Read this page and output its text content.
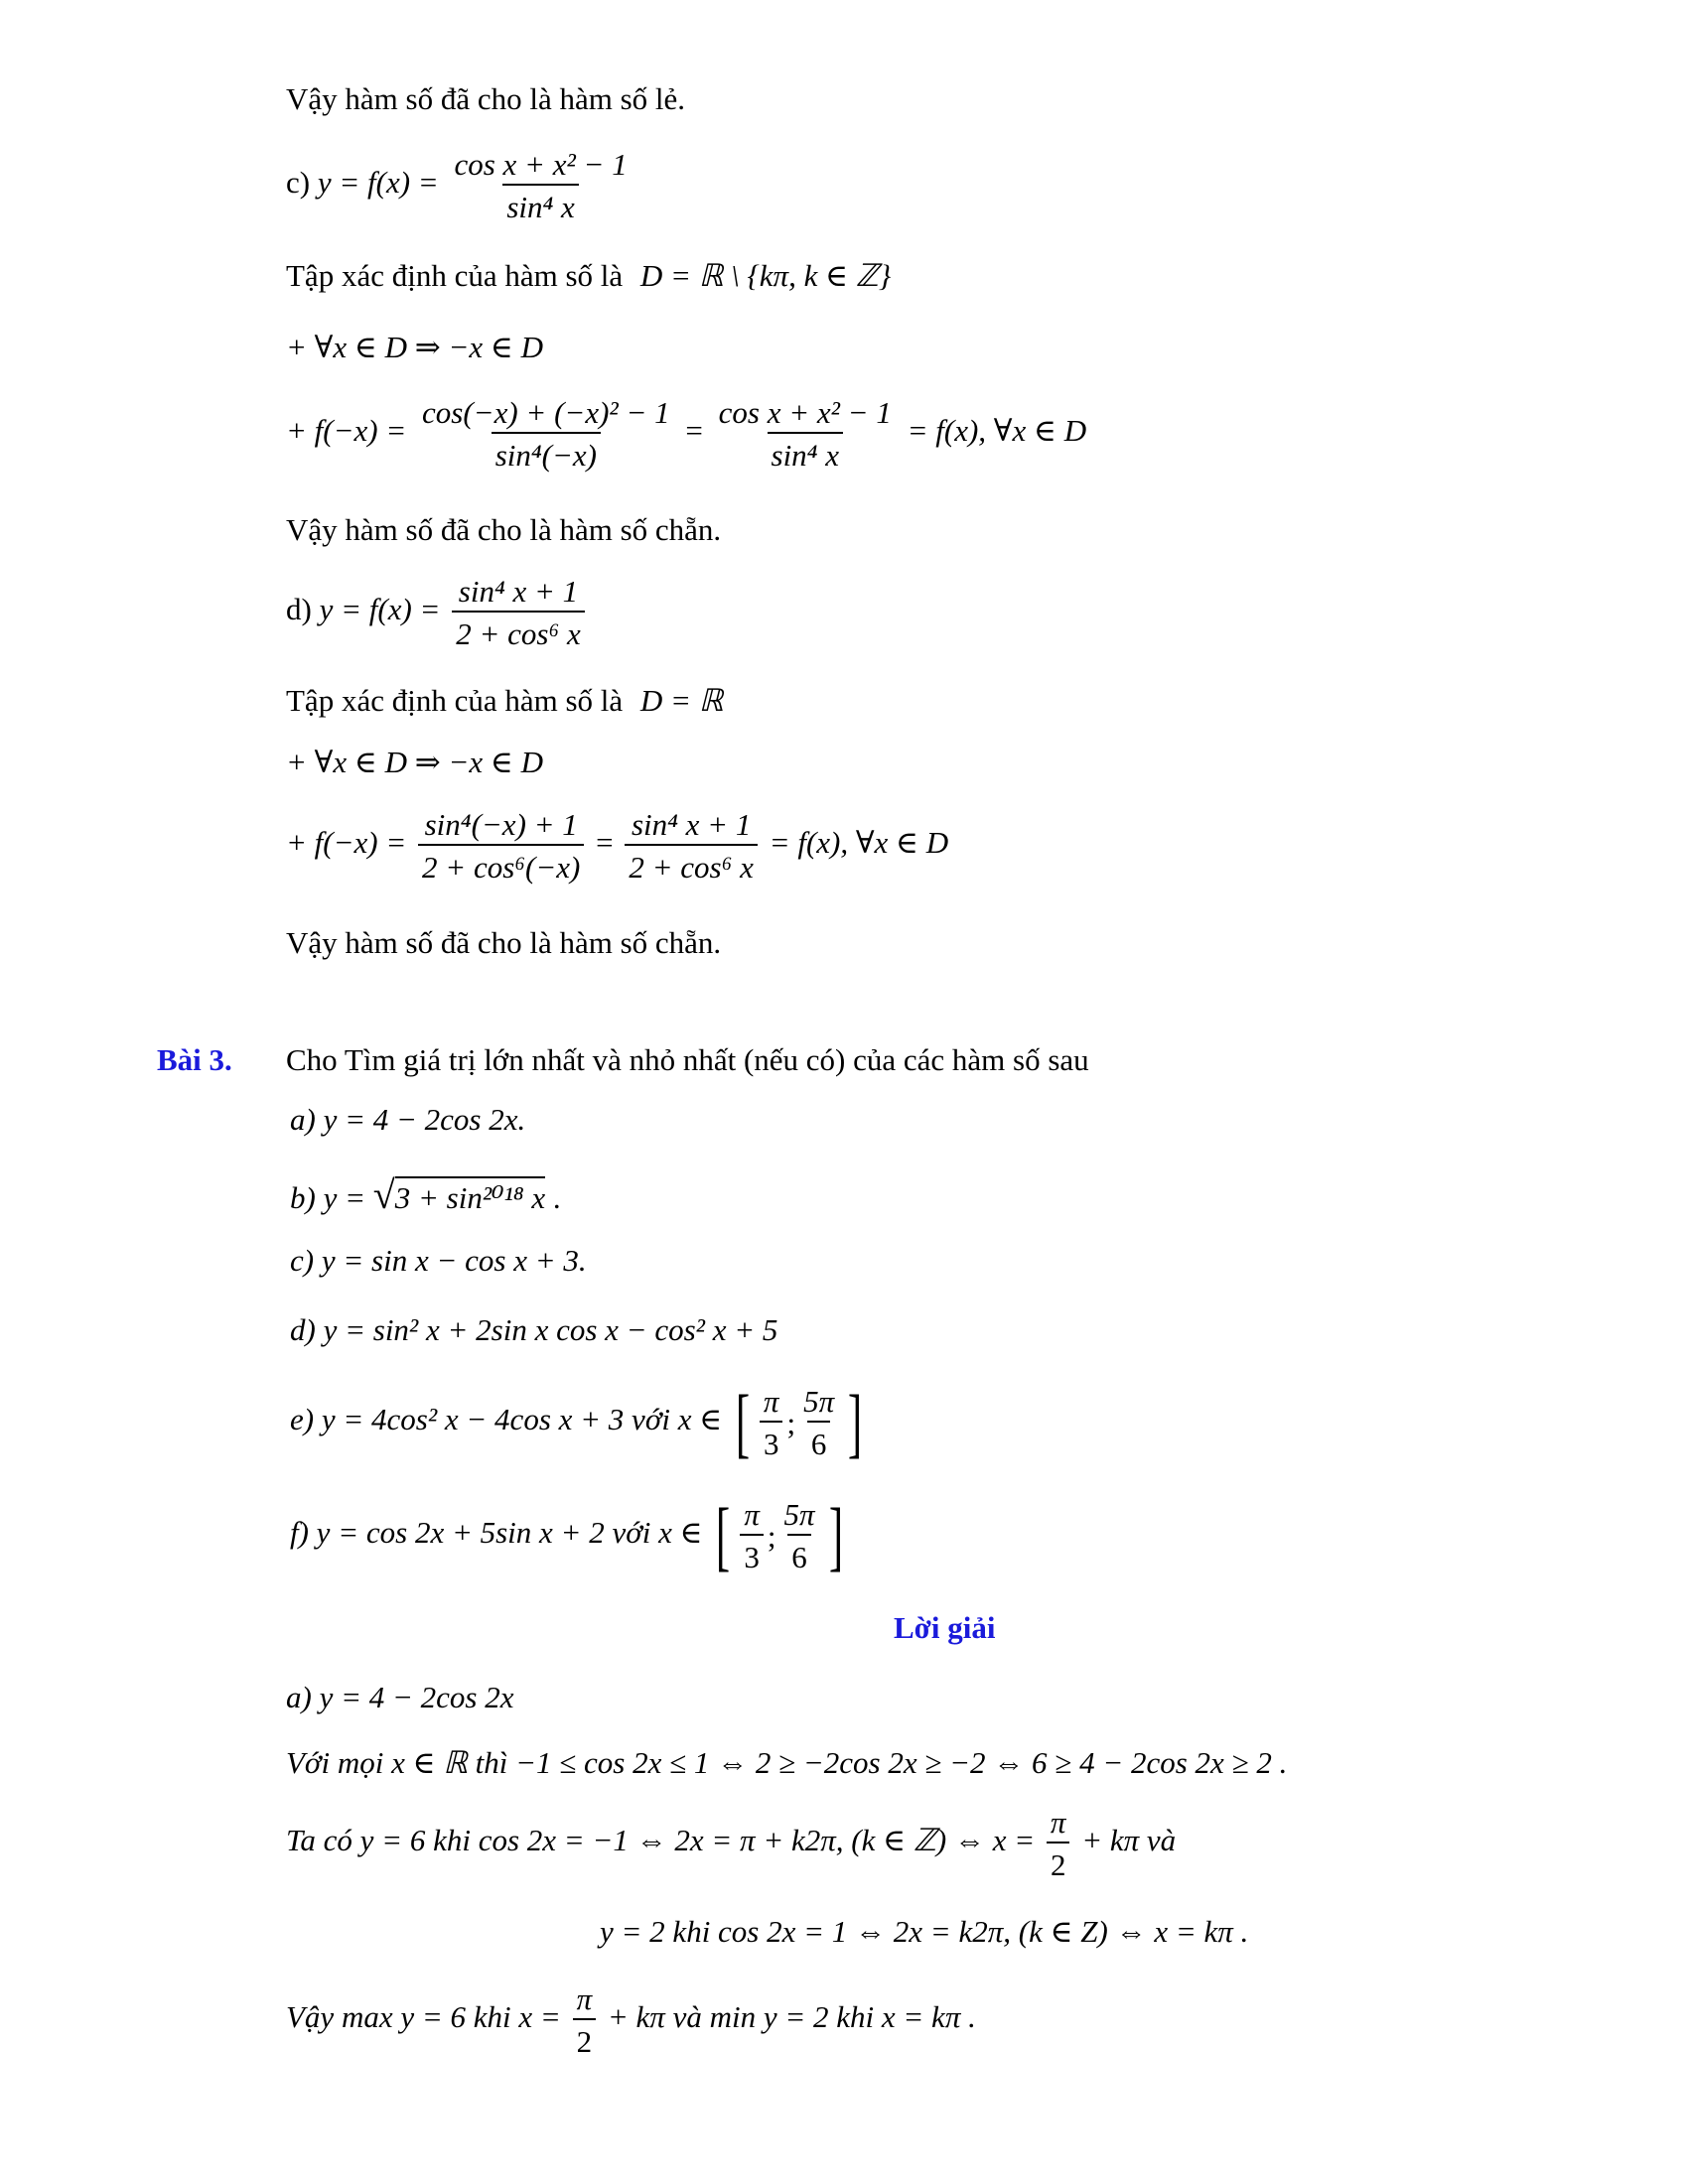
Vậy hàm số đã cho là hàm số lẻ.
c) $y = f(x) = \frac{\text{cos x + x² − 1}}{\text{sin⁴ x}}$
Tập xác định của hàm số là D = ℝ \ {kπ, k ∈ ℤ}
+ ∀x ∈ D ⇒ −x ∈ D
+ $f(-x) = \frac{\text{cos(−x) + (−x)² − 1}}{\text{sin⁴(−x)}} = \frac{\text{cos x + x² − 1}}{\text{sin⁴ x}} = f(x)$, ∀x ∈ D
Vậy hàm số đã cho là hàm số chẵn.
d) $y = f(x) = \frac{\text{sin⁴ x + 1}}{\text{2 + cos⁶ x}}$
Tập xác định của hàm số là D = ℝ
+ ∀x ∈ D ⇒ −x ∈ D
+ $f(-x) = \frac{\text{sin⁴(−x) + 1}}{\text{2 + cos⁶(−x)}} = \frac{\text{sin⁴ x + 1}}{\text{2 + cos⁶ x}} = f(x)$, ∀x ∈ D
Vậy hàm số đã cho là hàm số chẵn.
Bài 3. Cho Tìm giá trị lớn nhất và nhỏ nhất (nếu có) của các hàm số sau
a) y = 4 − 2cos 2x.
b) y = √3 + sin²⁰¹⁸ x .
c) y = sin x − cos x + 3.
d) y = sin² x + 2sin x cos x − cos² x + 5
e) y = 4cos² x − 4cos x + 3 với x ∈ [ $\frac{\pi}{3}$ ; $\frac{5\pi}{6}$ ]
f) y = cos 2x + 5sin x + 2 với x ∈ [ $\frac{\pi}{3}$ ; $\frac{5\pi}{6}$ ]
Lời giải
a) y = 4 − 2cos 2x
Với mọi x ∈ ℝ thì −1 ≤ cos 2x ≤ 1 ⇔ 2 ≥ −2cos 2x ≥ −2 ⇔ 6 ≥ 4 − 2cos 2x ≥ 2 .
Ta có y = 6 khi cos 2x = −1 ⇔ 2x = π + k2π, (k ∈ ℤ) ⇔ $x = \frac{\pi}{2} + k\pi$ và
y = 2 khi cos 2x = 1 ⇔ 2x = k2π, (k ∈ Z) ⇔ x = kπ .
Vậy max y = 6 khi $x = \frac{\pi}{2} + k\pi$ và min y = 2 khi x = kπ .
